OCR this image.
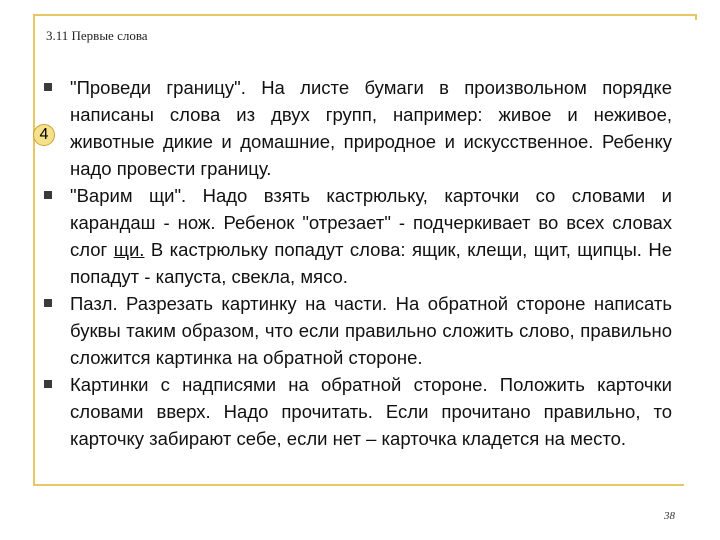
3.11 Первые слова
4
"Проведи границу". На листе бумаги в произвольном порядке написаны слова из двух групп, например: живое и неживое, животные дикие и домашние, природное и искусственное. Ребенку надо провести границу.
"Варим щи". Надо взять кастрюльку, карточки со словами и карандаш - нож. Ребенок "отрезает" - подчеркивает во всех словах слог щи. В кастрюльку попадут слова: ящик, клещи, щит, щипцы. Не попадут - капуста, свекла, мясо.
Пазл. Разрезать картинку на части. На обратной стороне написать буквы таким образом, что если правильно сложить слово, правильно сложится картинка на обратной стороне.
Картинки с надписями на обратной стороне. Положить карточки словами вверх. Надо прочитать. Если прочитано правильно, то карточку забирают себе, если нет – карточка кладется на место.
38
